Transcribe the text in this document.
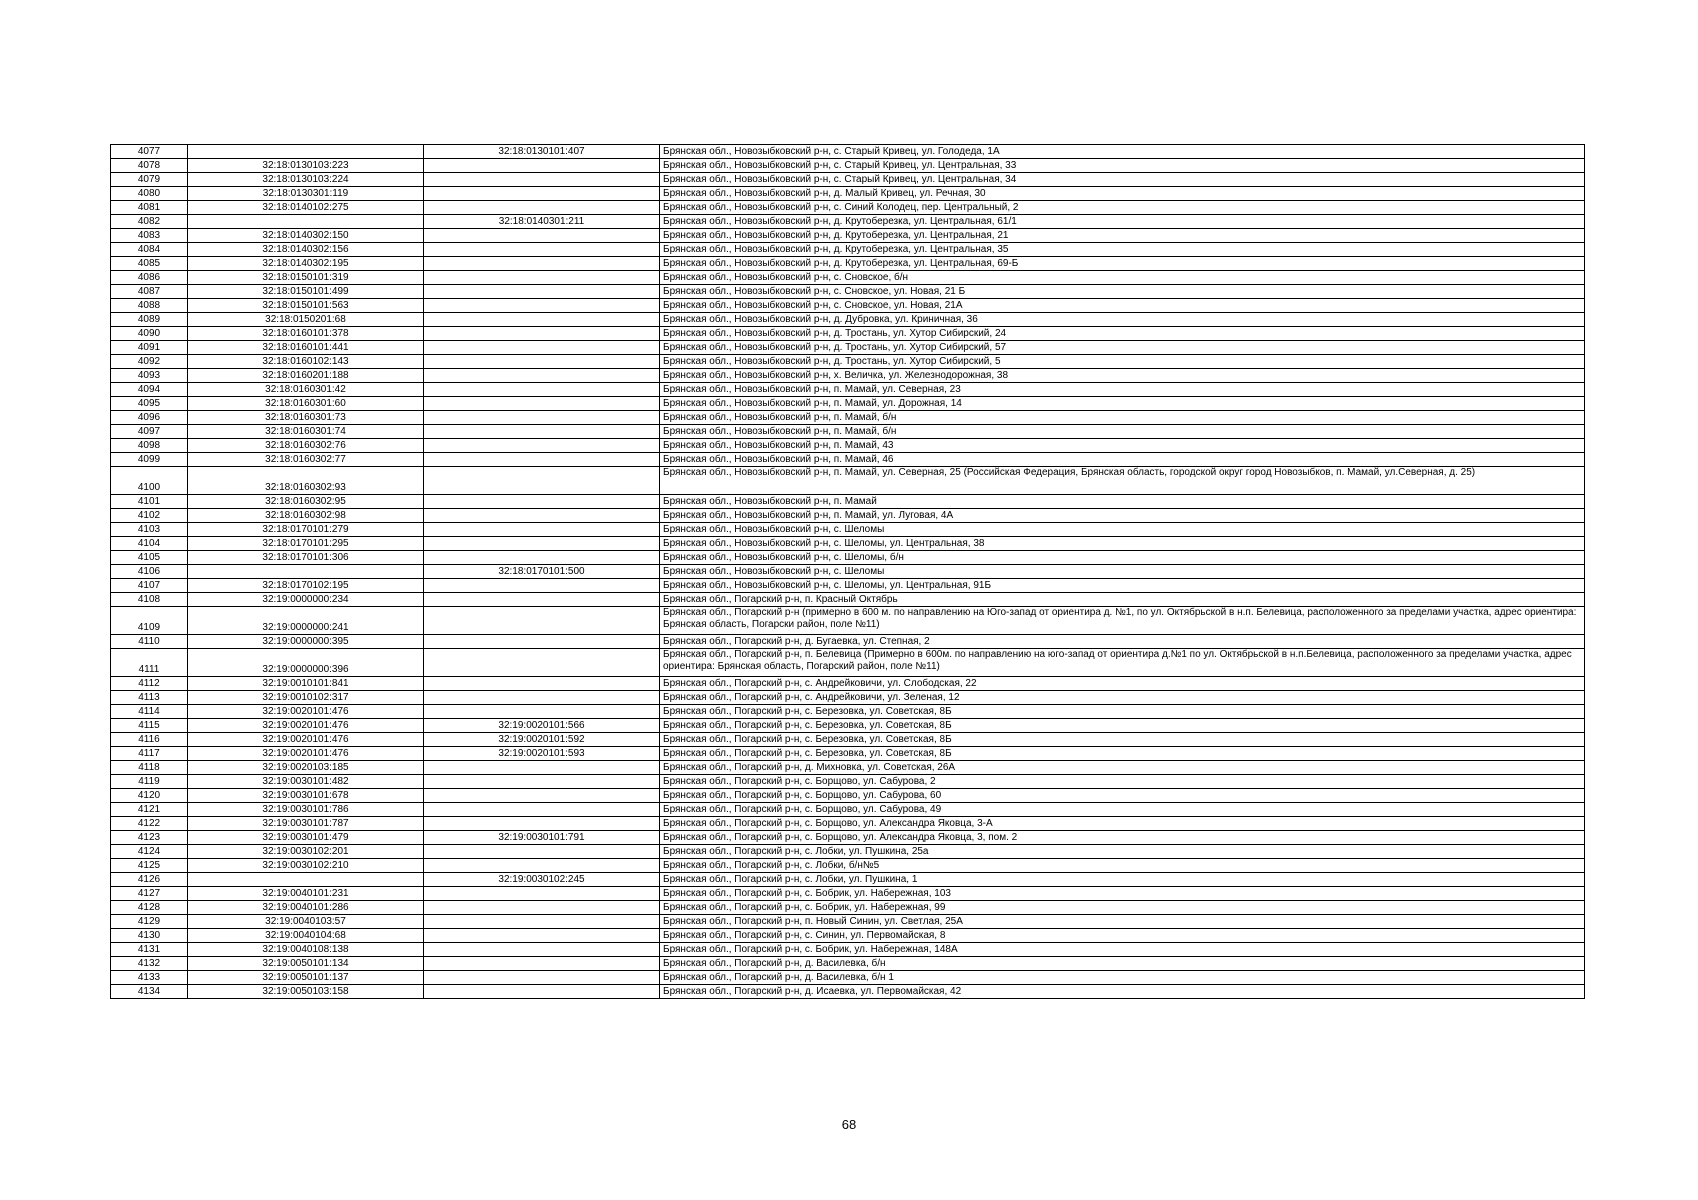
4077		32:18:0130101:407	Брянская обл., Новозыбковский р-н, с. Старый Кривец, ул. Голодеда, 1А
4078	32:18:0130103:223		Брянская обл., Новозыбковский р-н, с. Старый Кривец, ул. Центральная, 33
4079	32:18:0130103:224		Брянская обл., Новозыбковский р-н, с. Старый Кривец, ул. Центральная, 34
4080	32:18:0130301:119		Брянская обл., Новозыбковский р-н, д. Малый Кривец, ул. Речная, 30
4081	32:18:0140102:275		Брянская обл., Новозыбковский р-н, с. Синий Колодец, пер. Центральный, 2
4082		32:18:0140301:211	Брянская обл., Новозыбковский р-н, д. Крутоберезка, ул. Центральная, 61/1
4083	32:18:0140302:150		Брянская обл., Новозыбковский р-н, д. Крутоберезка, ул. Центральная, 21
4084	32:18:0140302:156		Брянская обл., Новозыбковский р-н, д. Крутоберезка, ул. Центральная, 35
4085	32:18:0140302:195		Брянская обл., Новозыбковский р-н, д. Крутоберезка, ул. Центральная, 69-Б
4086	32:18:0150101:319		Брянская обл., Новозыбковский р-н, с. Сновское, б/н
4087	32:18:0150101:499		Брянская обл., Новозыбковский р-н, с. Сновское, ул. Новая, 21 Б
4088	32:18:0150101:563		Брянская обл., Новозыбковский р-н, с. Сновское, ул. Новая, 21А
4089	32:18:0150201:68		Брянская обл., Новозыбковский р-н, д. Дубровка, ул. Криничная, 36
4090	32:18:0160101:378		Брянская обл., Новозыбковский р-н, д. Тростань, ул. Хутор Сибирский, 24
4091	32:18:0160101:441		Брянская обл., Новозыбковский р-н, д. Тростань, ул. Хутор Сибирский, 57
4092	32:18:0160102:143		Брянская обл., Новозыбковский р-н, д. Тростань, ул. Хутор Сибирский, 5
4093	32:18:0160201:188		Брянская обл., Новозыбковский р-н, х. Величка, ул. Железнодорожная, 38
4094	32:18:0160301:42		Брянская обл., Новозыбковский р-н, п. Мамай, ул. Северная, 23
4095	32:18:0160301:60		Брянская обл., Новозыбковский р-н, п. Мамай, ул. Дорожная, 14
4096	32:18:0160301:73		Брянская обл., Новозыбковский р-н, п. Мамай, б/н
4097	32:18:0160301:74		Брянская обл., Новозыбковский р-н, п. Мамай, б/н
4098	32:18:0160302:76		Брянская обл., Новозыбковский р-н, п. Мамай, 43
4099	32:18:0160302:77		Брянская обл., Новозыбковский р-н, п. Мамай, 46
4100	32:18:0160302:93		Брянская обл., Новозыбковский р-н, п. Мамай, ул. Северная, 25 (Российская Федерация, Брянская область, городской округ город Новозыбков, п. Мамай, ул.Северная, д. 25)
4101	32:18:0160302:95		Брянская обл., Новозыбковский р-н, п. Мамай
4102	32:18:0160302:98		Брянская обл., Новозыбковский р-н, п. Мамай, ул. Луговая, 4А
4103	32:18:0170101:279		Брянская обл., Новозыбковский р-н, с. Шеломы
4104	32:18:0170101:295		Брянская обл., Новозыбковский р-н, с. Шеломы, ул. Центральная, 38
4105	32:18:0170101:306		Брянская обл., Новозыбковский р-н, с. Шеломы, б/н
4106		32:18:0170101:500	Брянская обл., Новозыбковский р-н, с. Шеломы
4107	32:18:0170102:195		Брянская обл., Новозыбковский р-н, с. Шеломы, ул. Центральная, 91Б
4108	32:19:0000000:234		Брянская обл., Погарский р-н, п. Красный Октябрь
4109	32:19:0000000:241		Брянская обл., Погарский р-н (примерно в 600 м. по направлению на Юго-запад от ориентира д. №1, по ул. Октябрьской в н.п. Белевица, расположенного за пределами участка, адрес ориентира: Брянская область, Погарски район, поле №11)
4110	32:19:0000000:395		Брянская обл., Погарский р-н, д. Бугаевка, ул. Степная, 2
4111	32:19:0000000:396		Брянская обл., Погарский р-н, п. Белевица (Примерно в 600м. по направлению на юго-запад от ориентира д.№1 по ул. Октябрьской в н.п.Белевица, расположенного за пределами участка, адрес ориентира: Брянская область, Погарский район, поле №11)
4112	32:19:0010101:841		Брянская обл., Погарский р-н, с. Андрейковичи, ул. Слободская, 22
4113	32:19:0010102:317		Брянская обл., Погарский р-н, с. Андрейковичи, ул. Зеленая, 12
4114	32:19:0020101:476		Брянская обл., Погарский р-н, с. Березовка, ул. Советская, 8Б
4115	32:19:0020101:476	32:19:0020101:566	Брянская обл., Погарский р-н, с. Березовка, ул. Советская, 8Б
4116	32:19:0020101:476	32:19:0020101:592	Брянская обл., Погарский р-н, с. Березовка, ул. Советская, 8Б
4117	32:19:0020101:476	32:19:0020101:593	Брянская обл., Погарский р-н, с. Березовка, ул. Советская, 8Б
4118	32:19:0020103:185		Брянская обл., Погарский р-н, д. Михновка, ул. Советская, 26А
4119	32:19:0030101:482		Брянская обл., Погарский р-н, с. Борщово, ул. Сабурова, 2
4120	32:19:0030101:678		Брянская обл., Погарский р-н, с. Борщово, ул. Сабурова, 60
4121	32:19:0030101:786		Брянская обл., Погарский р-н, с. Борщово, ул. Сабурова, 49
4122	32:19:0030101:787		Брянская обл., Погарский р-н, с. Борщово, ул. Александра Яковца, 3-А
4123	32:19:0030101:479	32:19:0030101:791	Брянская обл., Погарский р-н, с. Борщово, ул. Александра Яковца, 3, пом. 2
4124	32:19:0030102:201		Брянская обл., Погарский р-н, с. Лобки, ул. Пушкина, 25а
4125	32:19:0030102:210		Брянская обл., Погарский р-н, с. Лобки, б/н№5
4126		32:19:0030102:245	Брянская обл., Погарский р-н, с. Лобки, ул. Пушкина, 1
4127	32:19:0040101:231		Брянская обл., Погарский р-н, с. Бобрик, ул. Набережная, 103
4128	32:19:0040101:286		Брянская обл., Погарский р-н, с. Бобрик, ул. Набережная, 99
4129	32:19:0040103:57		Брянская обл., Погарский р-н, п. Новый Синин, ул. Светлая, 25А
4130	32:19:0040104:68		Брянская обл., Погарский р-н, с. Синин, ул. Первомайская, 8
4131	32:19:0040108:138		Брянская обл., Погарский р-н, с. Бобрик, ул. Набережная, 148А
4132	32:19:0050101:134		Брянская обл., Погарский р-н, д. Василевка, б/н
4133	32:19:0050101:137		Брянская обл., Погарский р-н, д. Василевка, б/н 1
4134	32:19:0050103:158		Брянская обл., Погарский р-н, д. Исаевка, ул. Первомайская, 42
68
